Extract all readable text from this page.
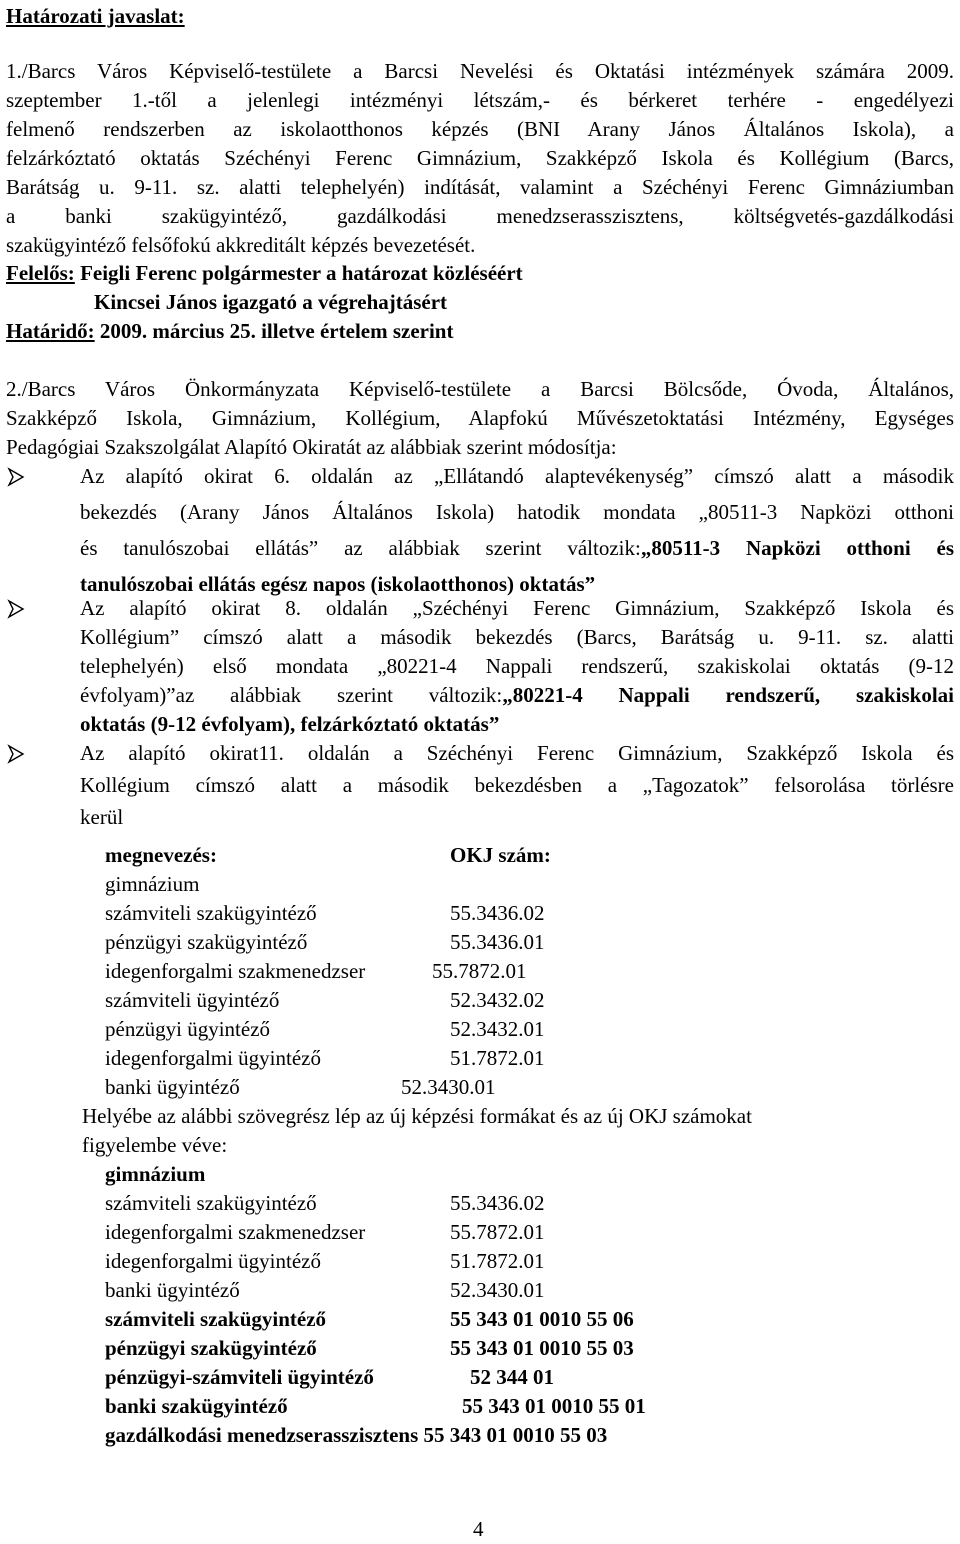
Határozati javaslat:
1./Barcs Város Képviselő-testülete a Barcsi Nevelési és Oktatási intézmények számára 2009.
szeptember 1.-től a jelenlegi intézményi létszám,- és bérkeret terhére - engedélyezi
felmenő rendszerben az iskolaotthonos képzés (BNI Arany János Általános Iskola), a
felzárkóztató oktatás Széchényi Ferenc Gimnázium, Szakképző Iskola és Kollégium (Barcs,
Barátság u. 9-11. sz. alatti telephelyén) indítását, valamint a Széchényi Ferenc Gimnáziumban
a banki szakügyintéző, gazdálkodási menedzserasszisztens, költségvetés-gazdálkodási
szakügyintéző felsőfokú akkreditált képzés bevezetését.
Felelős: Feigli Ferenc polgármester a határozat közléséért
Kincsei János igazgató a végrehajtásért
Határidő: 2009. március 25. illetve értelem szerint
2./Barcs Város Önkormányzata Képviselő-testülete a Barcsi Bölcsőde, Óvoda, Általános,
Szakképző Iskola, Gimnázium, Kollégium, Alapfokú Művészetoktatási Intézmény, Egységes
Pedagógiai Szakszolgálat Alapító Okiratát az alábbiak szerint módosítja:
Az alapító okirat 6. oldalán az „Ellátandó alaptevékenység” címszó alatt a második
bekezdés (Arany János Általános Iskola) hatodik mondata „80511-3 Napközi otthoni
és tanulószobai ellátás” az alábbiak szerint változik:„80511-3 Napközi otthoni és
tanulószobai ellátás egész napos (iskolaotthonos) oktatás”
Az alapító okirat 8. oldalán „Széchényi Ferenc Gimnázium, Szakképző Iskola és
Kollégium” címszó alatt a második bekezdés (Barcs, Barátság u. 9-11. sz. alatti
telephelyén) első mondata „80221-4 Nappali rendszerű, szakiskolai oktatás (9-12
évfolyam)”az alábbiak szerint változik:„80221-4 Nappali rendszerű, szakiskolai
oktatás (9-12 évfolyam), felzárkóztató oktatás”
Az alapító okirat11. oldalán a Széchényi Ferenc Gimnázium, Szakképző Iskola és
Kollégium címszó alatt a második bekezdésben a „Tagozatok” felsorolása törlésre
kerül
megnevezés:	OKJ szám:
gimnázium
számviteli szakügyintéző	55.3436.02
pénzügyi szakügyintéző	55.3436.01
idegenforgalmi szakmenedzser	55.7872.01
számviteli ügyintéző	52.3432.02
pénzügyi ügyintéző	52.3432.01
idegenforgalmi ügyintéző	51.7872.01
banki ügyintéző	52.3430.01
Helyébe az alábbi szövegrész lép az új képzési formákat és az új OKJ számokat
figyelembe véve:
gimnázium
számviteli szakügyintéző	55.3436.02
idegenforgalmi szakmenedzser	55.7872.01
idegenforgalmi ügyintéző	51.7872.01
banki ügyintéző	52.3430.01
számviteli szakügyintéző	55 343 01 0010 55 06
pénzügyi szakügyintéző	55 343 01 0010 55 03
pénzügyi-számviteli ügyintéző	52 344 01
banki szakügyintéző	55 343 01 0010 55 01
gazdálkodási menedzserasszisztens 55 343 01 0010 55 03
4
